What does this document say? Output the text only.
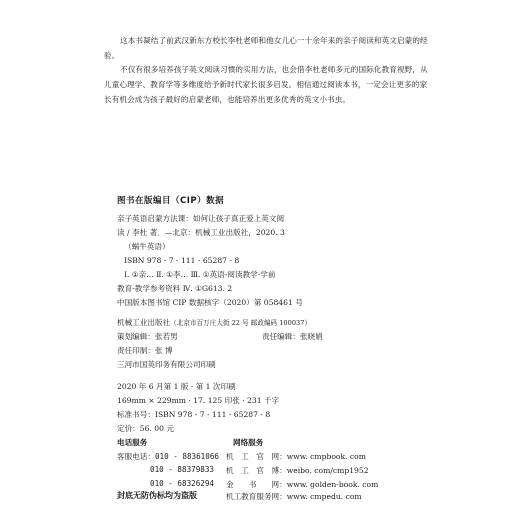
这本书凝结了前武汉新东方校长李杜老师和他女儿心一十余年来的亲子阅读和英文启蒙的经验。
不仅有很多培养孩子英文阅读习惯的实用方法，也会借李杜老师多元的国际化教育视野，从儿童心理学、教育学等多维度给予新时代家长很多启发。相信通过阅读本书，一定会让更多的家长有机会成为孩子最好的启蒙老师，也能培养出更多优秀的英文小书虫。
图书在版编目（CIP）数据
亲子英语启蒙方法课：如何让孩子真正爱上英文阅
读 / 李杜 著．—北京：机械工业出版社，2020. 3
（蜗牛英语）
ISBN 978 - 7 - 111 - 65287 - 8
Ⅰ. ①亲… Ⅱ. ①李… Ⅲ. ①英语-阅读教学-学前
教育-教学参考资料 Ⅳ. ①G613. 2
中国版本图书馆 CIP 数据核字（2020）第 058461 号
机械工业出版社（北京市百万庄大街 22 号 邮政编码 100037）
策划编辑：张若男	责任编辑：张晓娟
责任印制：张 博
三河市国英印务有限公司印刷
2020 年 6 月第 1 版 · 第 1 次印刷
169mm × 229mm · 17. 125 印张 · 231 千字
标准书号：ISBN 978 - 7 - 111 - 65287 - 8
定价：56. 00 元
电话服务	网络服务
客服电话：010 - 88361066 机　工　官　网：www. cmpbook. com
010 - 88379833 机　工　官　博：weibo. com/cmp1952
010 - 68326294 金　　书　　网：www. golden-book. com
封底无防伪标均为盗版	机工教育服务网：www. cmpedu. com
